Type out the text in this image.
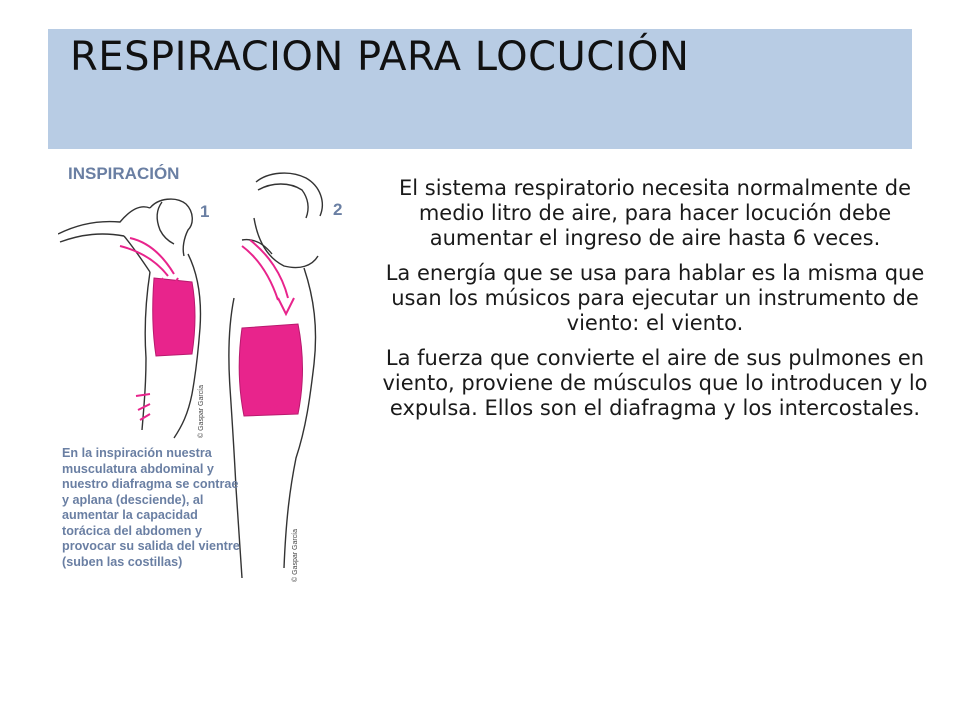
RESPIRACION PARA LOCUCIÓN
INSPIRACIÓN
1	2
© Gaspar García
© Gaspar García

En la inspiración nuestra musculatura abdominal y nuestro diafragma se contrae y aplana (desciende), al aumentar la capacidad torácica del abdomen y provocar su salida del vientre (suben las costillas)

El sistema respiratorio necesita normalmente de medio litro de aire, para hacer locución debe aumentar el ingreso de aire hasta 6 veces.

La energía que se usa para hablar es la misma que usan los músicos para ejecutar un instrumento de viento: el viento.

La fuerza que convierte el aire de sus pulmones en viento, proviene de músculos que lo introducen y lo expulsa. Ellos son el diafragma y los intercostales.
